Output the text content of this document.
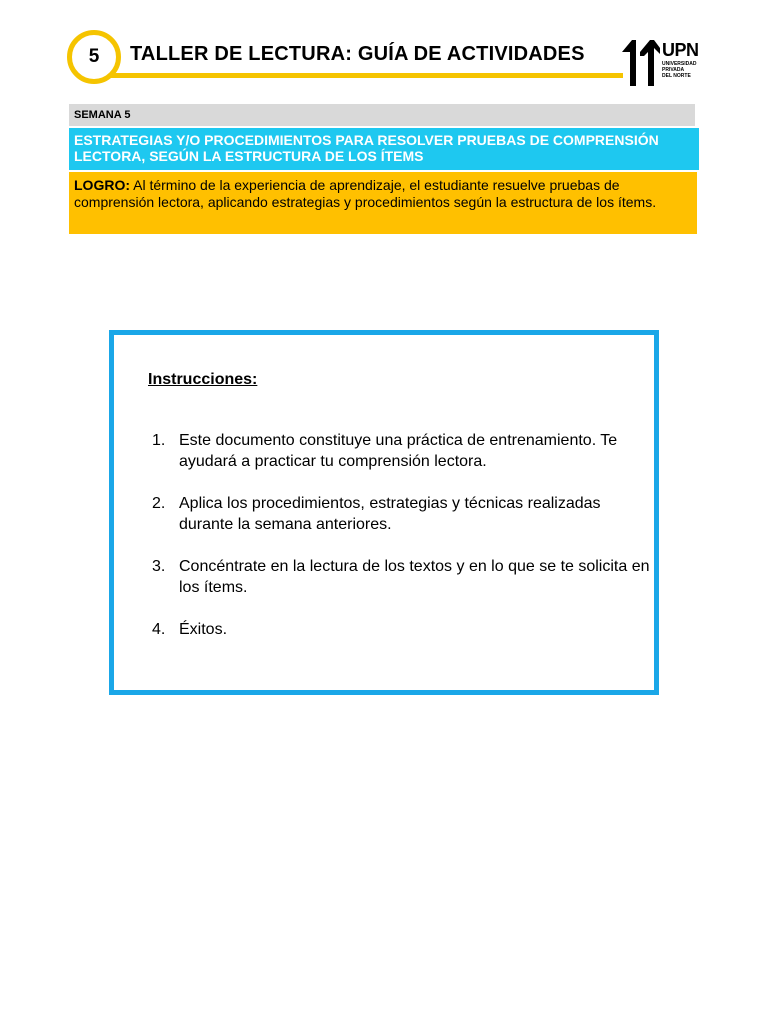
5 TALLER DE LECTURA: GUÍA DE ACTIVIDADES	UPN
UNIVERSIDAD
PRIVADA
DEL NORTE
SEMANA 5
ESTRATEGIAS Y/O PROCEDIMIENTOS PARA RESOLVER PRUEBAS DE COMPRENSIÓN LECTORA, SEGÚN LA ESTRUCTURA DE LOS ÍTEMS
LOGRO: Al término de la experiencia de aprendizaje, el estudiante resuelve pruebas de comprensión lectora, aplicando estrategias y procedimientos según la estructura de los ítems.
Instrucciones:
1. Este documento constituye una práctica de entrenamiento. Te ayudará a practicar tu comprensión lectora.
2. Aplica los procedimientos, estrategias y técnicas realizadas durante la semana anteriores.
3. Concéntrate en la lectura de los textos y en lo que se te solicita en los ítems.
4. Éxitos.
